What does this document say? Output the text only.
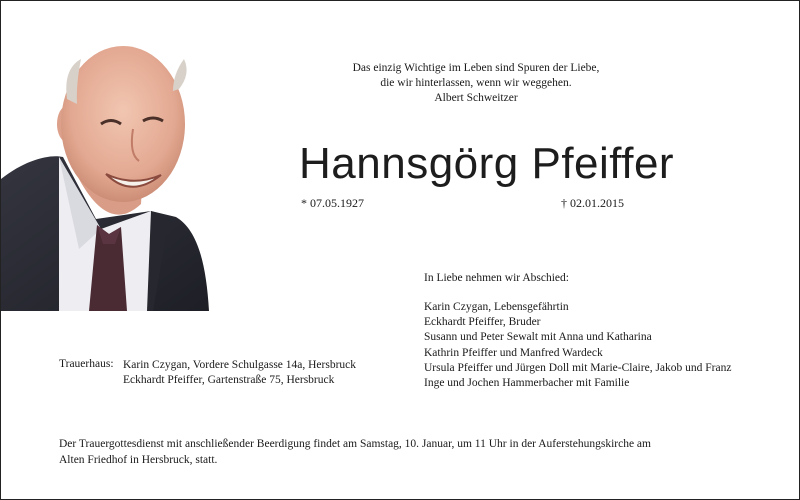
Das einzig Wichtige im Leben sind Spuren der Liebe,
die wir hinterlassen, wenn wir weggehen.
Albert Schweitzer
Hannsgörg Pfeiffer
* 07.05.1927	† 02.01.2015
In Liebe nehmen wir Abschied:
Karin Czygan, Lebensgefährtin
Eckhardt Pfeiffer, Bruder
Susann und Peter Sewalt mit Anna und Katharina
Kathrin Pfeiffer und Manfred Wardeck
Ursula Pfeiffer und Jürgen Doll mit Marie-Claire, Jakob und Franz
Inge und Jochen Hammerbacher mit Familie
Trauerhaus: Karin Czygan, Vordere Schulgasse 14a, Hersbruck
Eckhardt Pfeiffer, Gartenstraße 75, Hersbruck
Der Trauergottesdienst mit anschließender Beerdigung findet am Samstag, 10. Januar, um 11 Uhr in der Auferstehungskirche am
Alten Friedhof in Hersbruck, statt.
